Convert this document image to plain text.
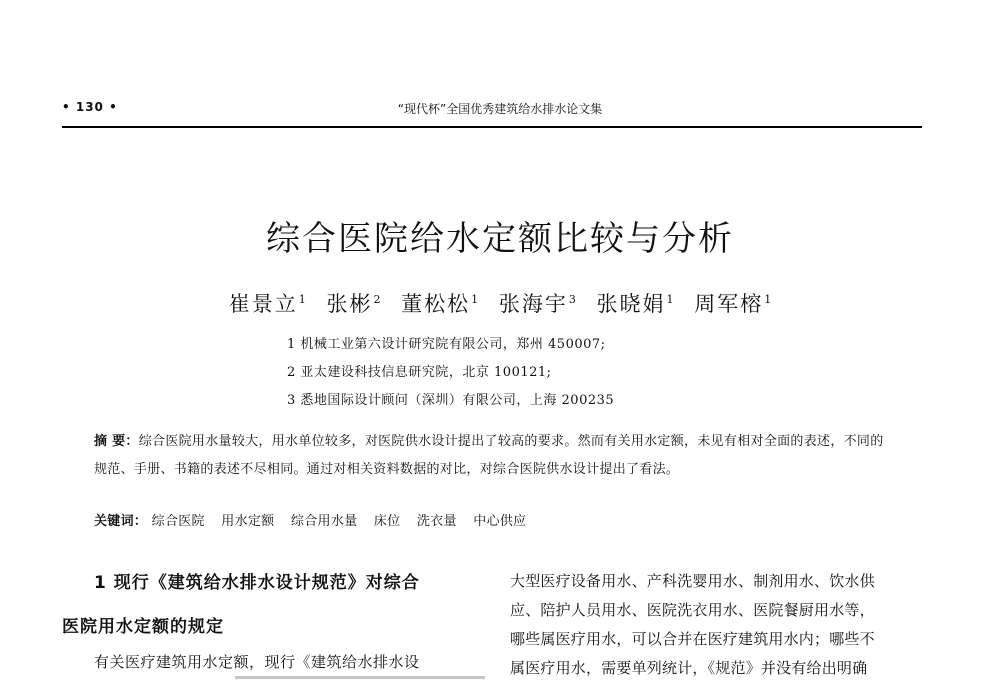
• 130 •	“现代杯”全国优秀建筑给水排水论文集
综合医院给水定额比较与分析
崔景立$^1$ 张彬$^2$ 董松松$^1$ 张海宇$^3$ 张晓娟$^1$ 周军榕$^1$
1 机械工业第六设计研究院有限公司，郑州 450007;
2 亚太建设科技信息研究院，北京 100121;
3 悉地国际设计顾问（深圳）有限公司，上海 200235
摘 要：综合医院用水量较大，用水单位较多，对医院供水设计提出了较高的要求。然而有关用水定额，未见有相对全面的表述，不同的规范、手册、书籍的表述不尽相同。通过对相关资料数据的对比，对综合医院供水设计提出了看法。
关键词： 综合医院 用水定额 综合用水量 床位 洗衣量 中心供应
1 现行《建筑给水排水设计规范》对综合
医院用水定额的规定
有关医疗建筑用水定额，现行《建筑给水排水设
大型医疗设备用水、产科洗婴用水、制剂用水、饮水供
应、陪护人员用水、医院洗衣用水、医院餐厨用水等，
哪些属医疗用水，可以合并在医疗建筑用水内；哪些不
属医疗用水，需要单列统计，《规范》并没有给出明确
